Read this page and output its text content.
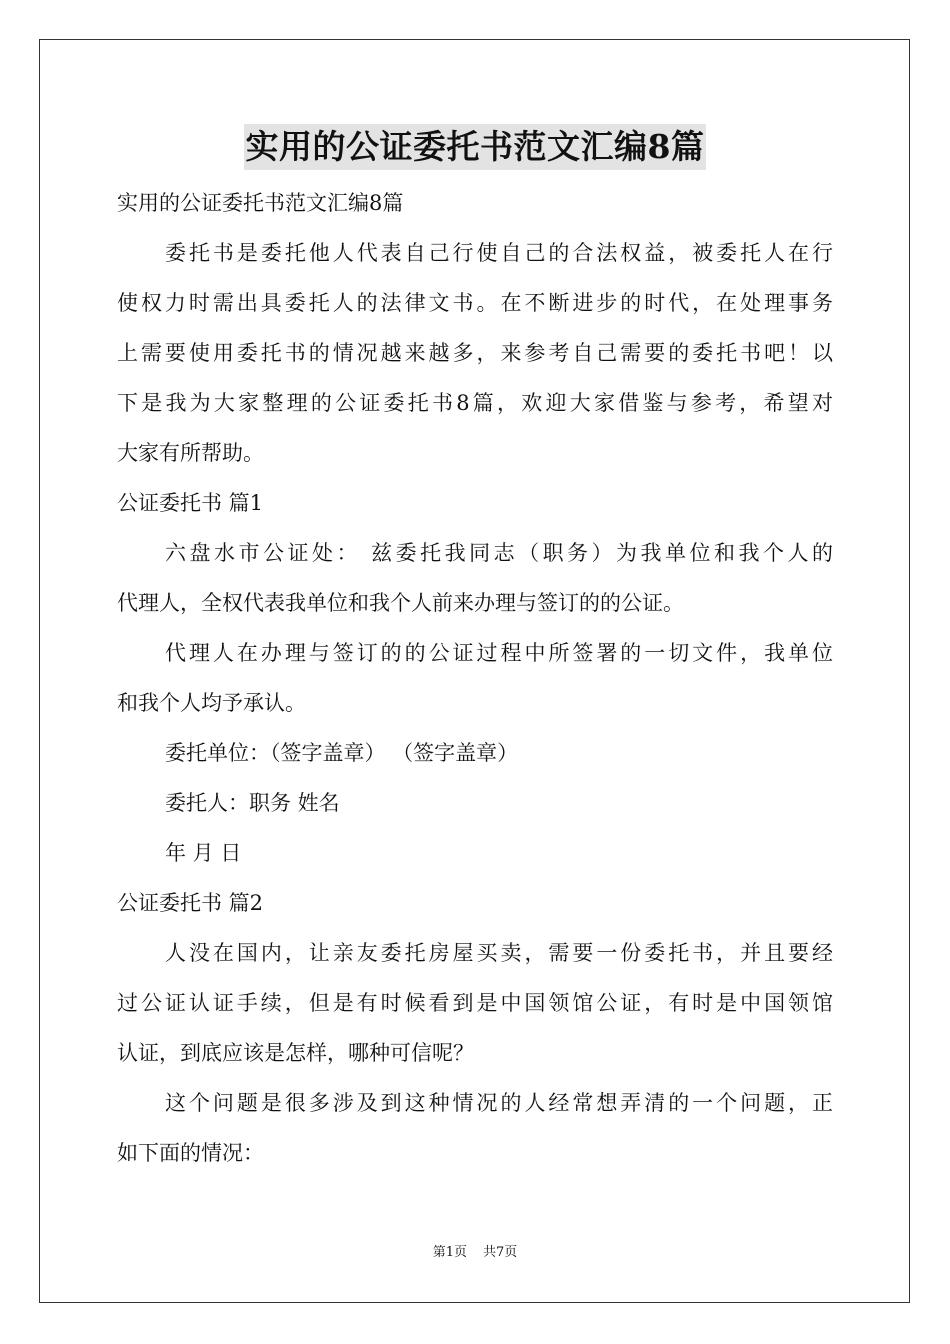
实用的公证委托书范文汇编8篇
实用的公证委托书范文汇编8篇
委托书是委托他人代表自己行使自己的合法权益，被委托人在行
使权力时需出具委托人的法律文书。在不断进步的时代，在处理事务
上需要使用委托书的情况越来越多，来参考自己需要的委托书吧！以
下是我为大家整理的公证委托书8篇，欢迎大家借鉴与参考，希望对
大家有所帮助。
公证委托书 篇1
六盘水市公证处： 兹委托我同志（职务）为我单位和我个人的
代理人，全权代表我单位和我个人前来办理与签订的的公证。
代理人在办理与签订的的公证过程中所签署的一切文件，我单位
和我个人均予承认。
委托单位：（签字盖章） （签字盖章）
委托人：职务 姓名
年 月 日
公证委托书 篇2
人没在国内，让亲友委托房屋买卖，需要一份委托书，并且要经
过公证认证手续，但是有时候看到是中国领馆公证，有时是中国领馆
认证，到底应该是怎样，哪种可信呢？
这个问题是很多涉及到这种情况的人经常想弄清的一个问题，正
如下面的情况：
第1页 共7页
